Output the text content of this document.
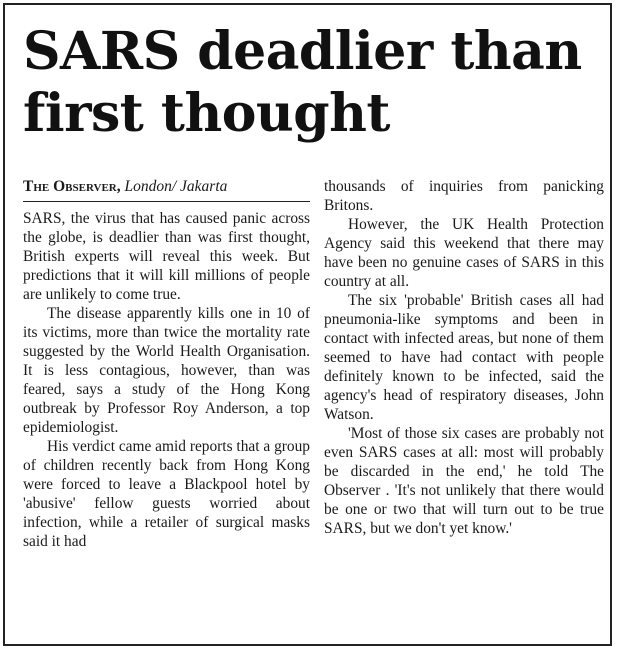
SARS deadlier than
first thought
The Observer, London/ Jakarta

SARS, the virus that has caused panic across the globe, is deadlier than was first thought, British experts will reveal this week. But predictions that it will kill millions of people are unlikely to come true.

The disease apparently kills one in 10 of its victims, more than twice the mortality rate suggested by the World Health Organisation. It is less contagious, however, than was feared, says a study of the Hong Kong outbreak by Professor Roy Anderson, a top epidemiologist.

His verdict came amid reports that a group of children recently back from Hong Kong were forced to leave a Blackpool hotel by 'abusive' fellow guests worried about infection, while a retailer of surgical masks said it had

thousands of inquiries from panicking Britons.

However, the UK Health Protection Agency said this weekend that there may have been no genuine cases of SARS in this country at all.

The six 'probable' British cases all had pneumonia-like symptoms and been in contact with infected areas, but none of them seemed to have had contact with people definitely known to be infected, said the agency's head of respiratory diseases, John Watson.

'Most of those six cases are probably not even SARS cases at all: most will probably be discarded in the end,' he told The Observer . 'It's not unlikely that there would be one or two that will turn out to be true SARS, but we don't yet know.'
